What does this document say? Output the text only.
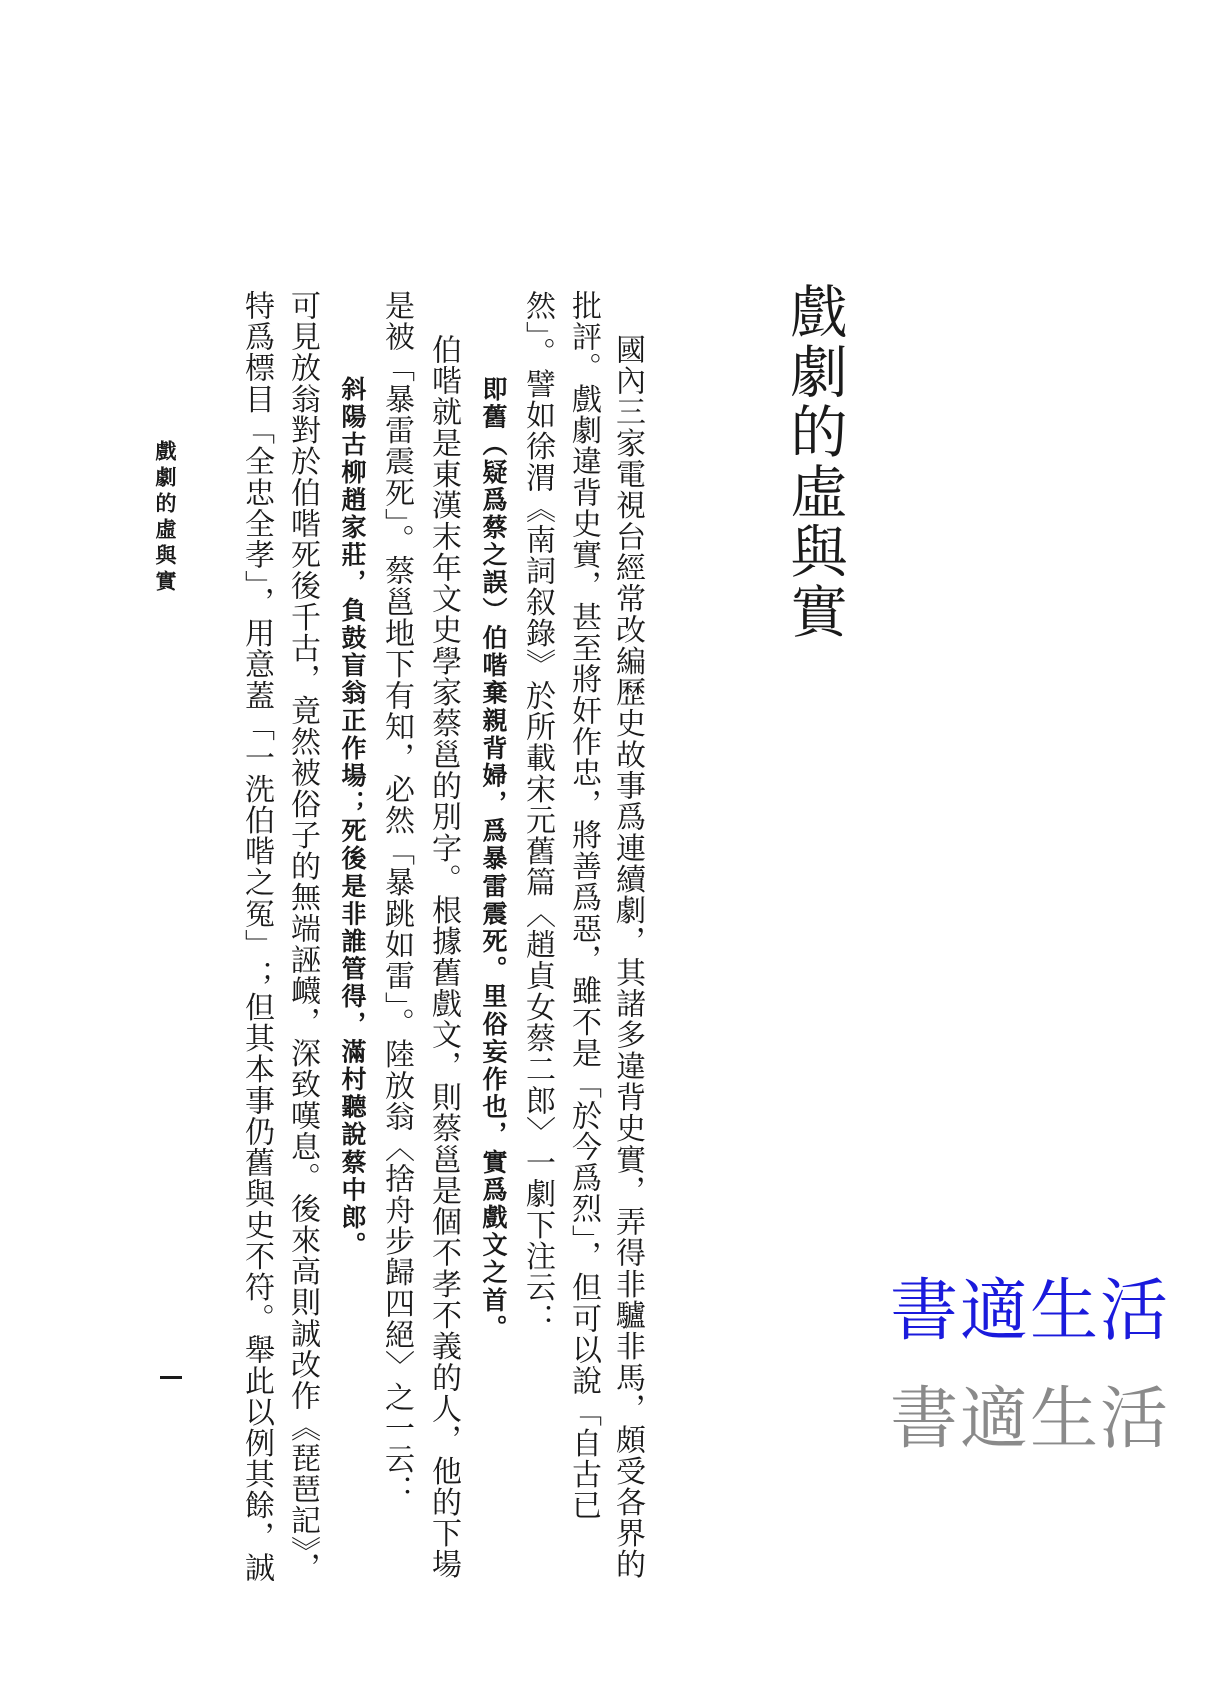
戲劇的虛與實
國內三家電視台經常改編歷史故事爲連續劇，其諸多違背史實，弄得非驢非馬，頗受各界的
批評。戲劇違背史實，甚至將奸作忠，將善爲惡，雖不是「於今爲烈」，但可以說「自古已
然」。譬如徐渭《南詞叙錄》於所載宋元舊篇〈趙貞女蔡二郎〉一劇下注云：
即舊（疑爲蔡之誤）伯喈棄親背婦，爲暴雷震死。里俗妄作也，實爲戲文之首。
伯喈就是東漢末年文史學家蔡邕的別字。根據舊戲文，則蔡邕是個不孝不義的人，他的下場
是被「暴雷震死」。蔡邕地下有知，必然「暴跳如雷」。陸放翁〈捨舟步歸四絕〉之一云：
斜陽古柳趙家莊，負鼓盲翁正作場；死後是非誰管得，滿村聽說蔡中郎。
可見放翁對於伯喈死後千古，竟然被俗子的無端誣衊，深致嘆息。後來高則誠改作《琵琶記》，
特爲標目「全忠全孝」，用意蓋「一洗伯喈之冤」；但其本事仍舊與史不符。舉此以例其餘，誠
戲劇的虛與實
書適生活
書適生活
